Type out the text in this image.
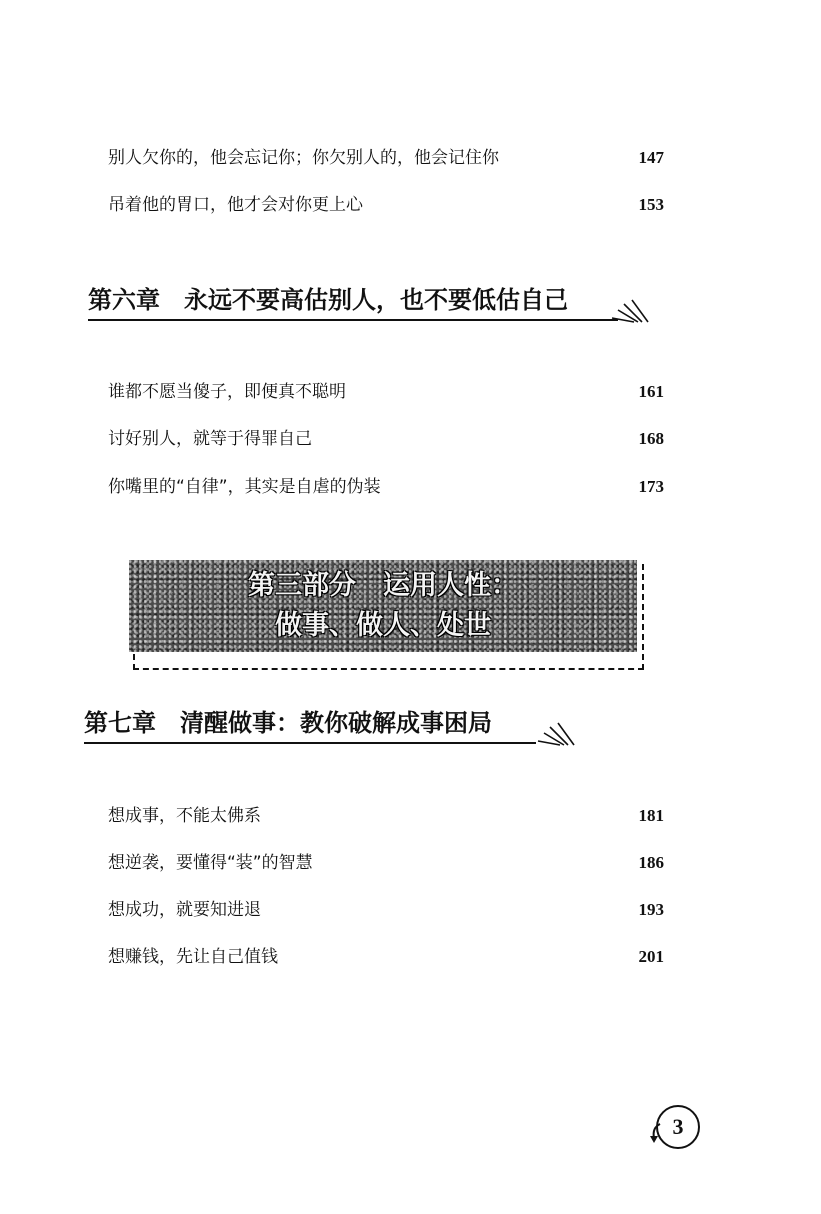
别人欠你的，他会忘记你；你欠别人的，他会记住你	147
吊着他的胃口，他才会对你更上心	153
第六章 永远不要高估别人，也不要低估自己
谁都不愿当傻子，即便真不聪明	161
讨好别人，就等于得罪自己	168
你嘴里的“自律”，其实是自虐的伪装	173
第三部分　运用人性：
做事、做人、处世
第七章 清醒做事：教你破解成事困局
想成事，不能太佛系	181
想逆袭，要懂得“装”的智慧	186
想成功，就要知进退	193
想赚钱，先让自己值钱	201
3
